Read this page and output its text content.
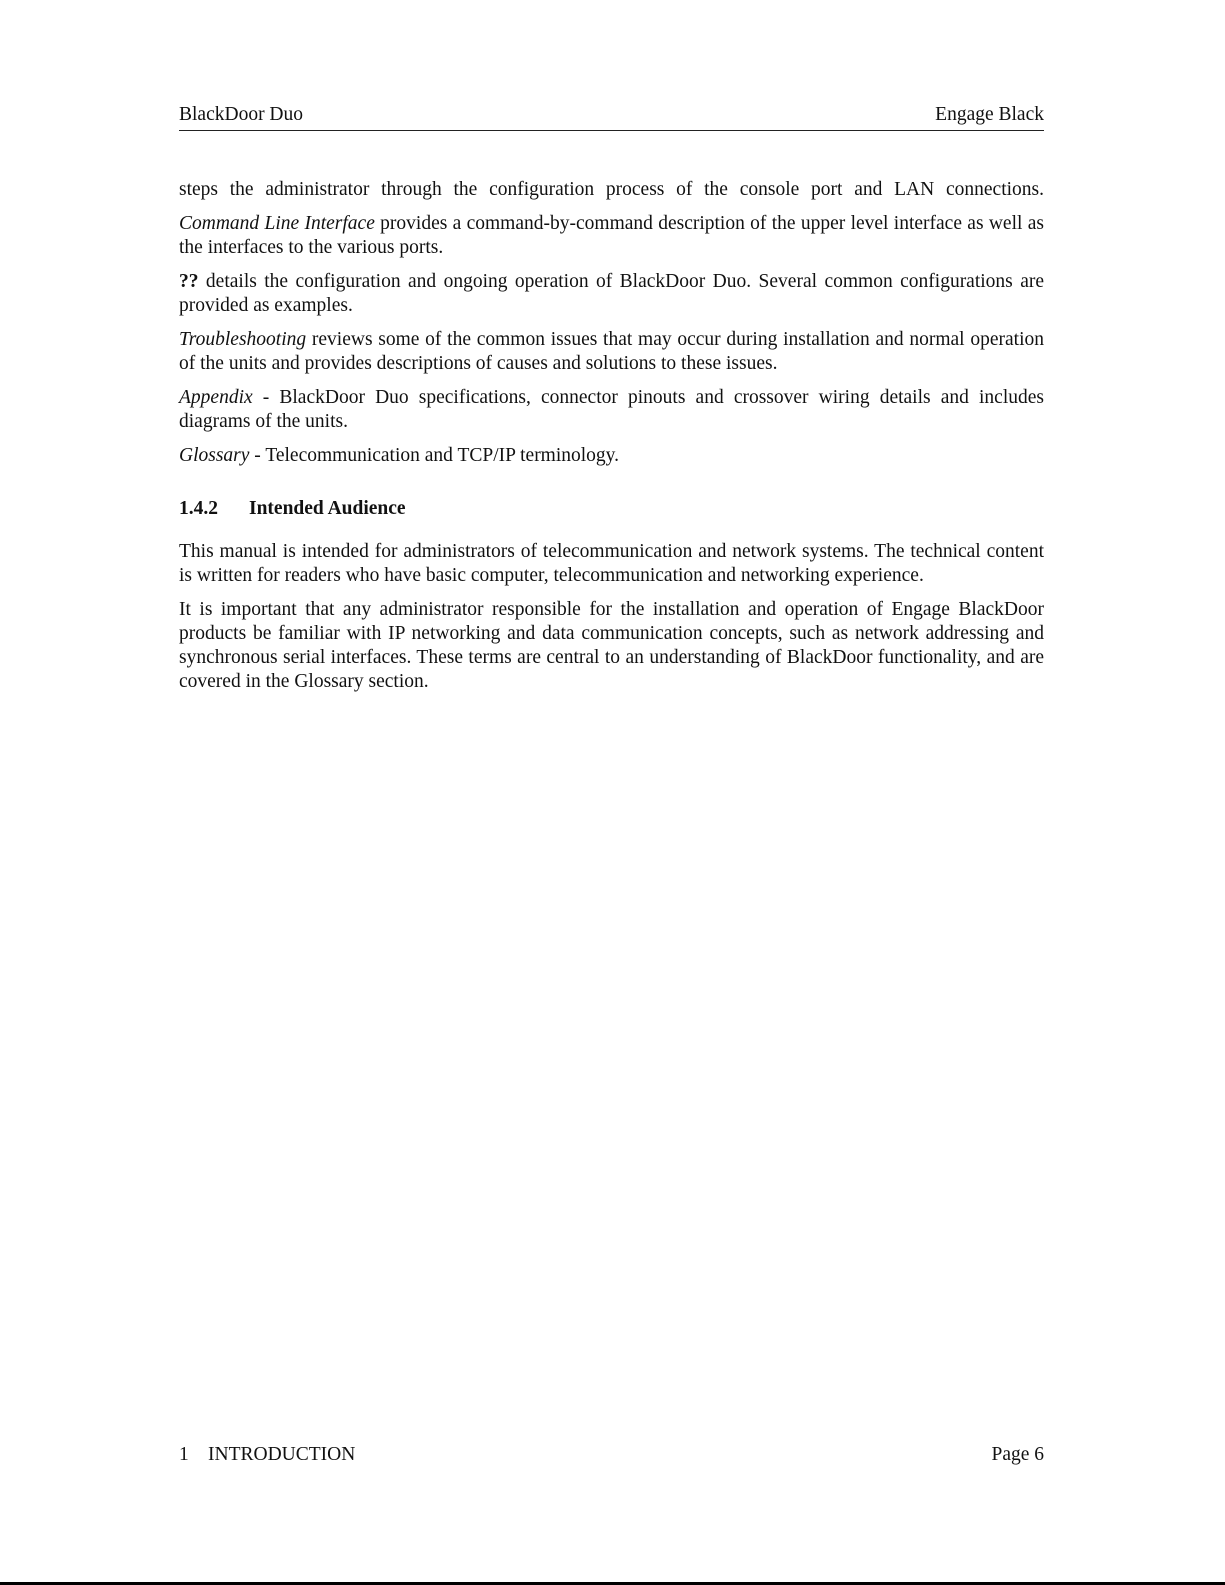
BlackDoor Duo	Engage Black

steps the administrator through the configuration process of the console port and LAN connections.

Command Line Interface provides a command-by-command description of the upper level interface as well as the interfaces to the various ports.

?? details the configuration and ongoing operation of BlackDoor Duo. Several common configurations are provided as examples.

Troubleshooting reviews some of the common issues that may occur during installation and normal operation of the units and provides descriptions of causes and solutions to these issues.

Appendix - BlackDoor Duo specifications, connector pinouts and crossover wiring details and includes diagrams of the units.

Glossary - Telecommunication and TCP/IP terminology.

1.4.2 Intended Audience

This manual is intended for administrators of telecommunication and network systems. The technical content is written for readers who have basic computer, telecommunication and networking experience.

It is important that any administrator responsible for the installation and operation of Engage BlackDoor products be familiar with IP networking and data communication concepts, such as network addressing and synchronous serial interfaces. These terms are central to an understanding of BlackDoor functionality, and are covered in the Glossary section.

1 INTRODUCTION	Page 6
